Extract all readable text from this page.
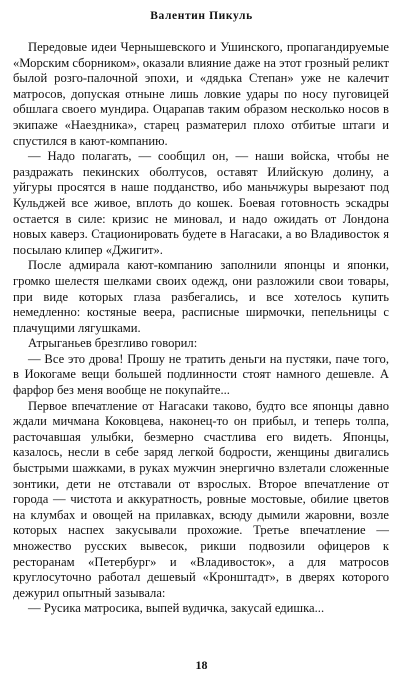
Валентин Пикуль

Передовые идеи Чернышевского и Ушинского, пропагандируемые «Морским сборником», оказали влияние даже на этот грозный реликт былой розго-палочной эпохи, и «дядька Степан» уже не калечит матросов, допуская отныне лишь ловкие удары по носу пуговицей обшлага своего мундира. Оцарапав таким образом несколько носов в экипаже «Наездника», старец разматерил плохо отбитые штаги и спустился в кают-компанию.

— Надо полагать, — сообщил он, — наши войска, чтобы не раздражать пекинских оболтусов, оставят Илийскую долину, а уйгуры просятся в наше подданство, ибо маньчжуры вырезают под Кульджей все живое, вплоть до кошек. Боевая готовность эскадры остается в силе: кризис не миновал, и надо ожидать от Лондона новых каверз. Стационировать будете в Нагасаки, а во Владивосток я посылаю клипер «Джигит».

После адмирала кают-компанию заполнили японцы и японки, громко шелестя шелками своих одежд, они разложили свои товары, при виде которых глаза разбегались, и все хотелось купить немедленно: костяные веера, расписные ширмочки, пепельницы с плачущими лягушками.

Атрыганьев брезгливо говорил:

— Все это дрова! Прошу не тратить деньги на пустяки, паче того, в Иокогаме вещи большей подлинности стоят намного дешевле. А фарфор без меня вообще не покупайте...

Первое впечатление от Нагасаки таково, будто все японцы давно ждали мичмана Коковцева, наконец-то он прибыл, и теперь толпа, расточавшая улыбки, безмерно счастлива его видеть. Японцы, казалось, несли в себе заряд легкой бодрости, женщины двигались быстрыми шажками, в руках мужчин энергично взлетали сложенные зонтики, дети не отставали от взрослых. Второе впечатление от города — чистота и аккуратность, ровные мостовые, обилие цветов на клумбах и овощей на прилавках, всюду дымили жаровни, возле которых наспех закусывали прохожие. Третье впечатление — множество русских вывесок, рикши подвозили офицеров к ресторанам «Петербург» и «Владивосток», а для матросов круглосуточно работал дешевый «Кронштадт», в дверях которого дежурил опытный зазывала:

— Русика матросика, выпей вудичка, закусай едишка...

18
